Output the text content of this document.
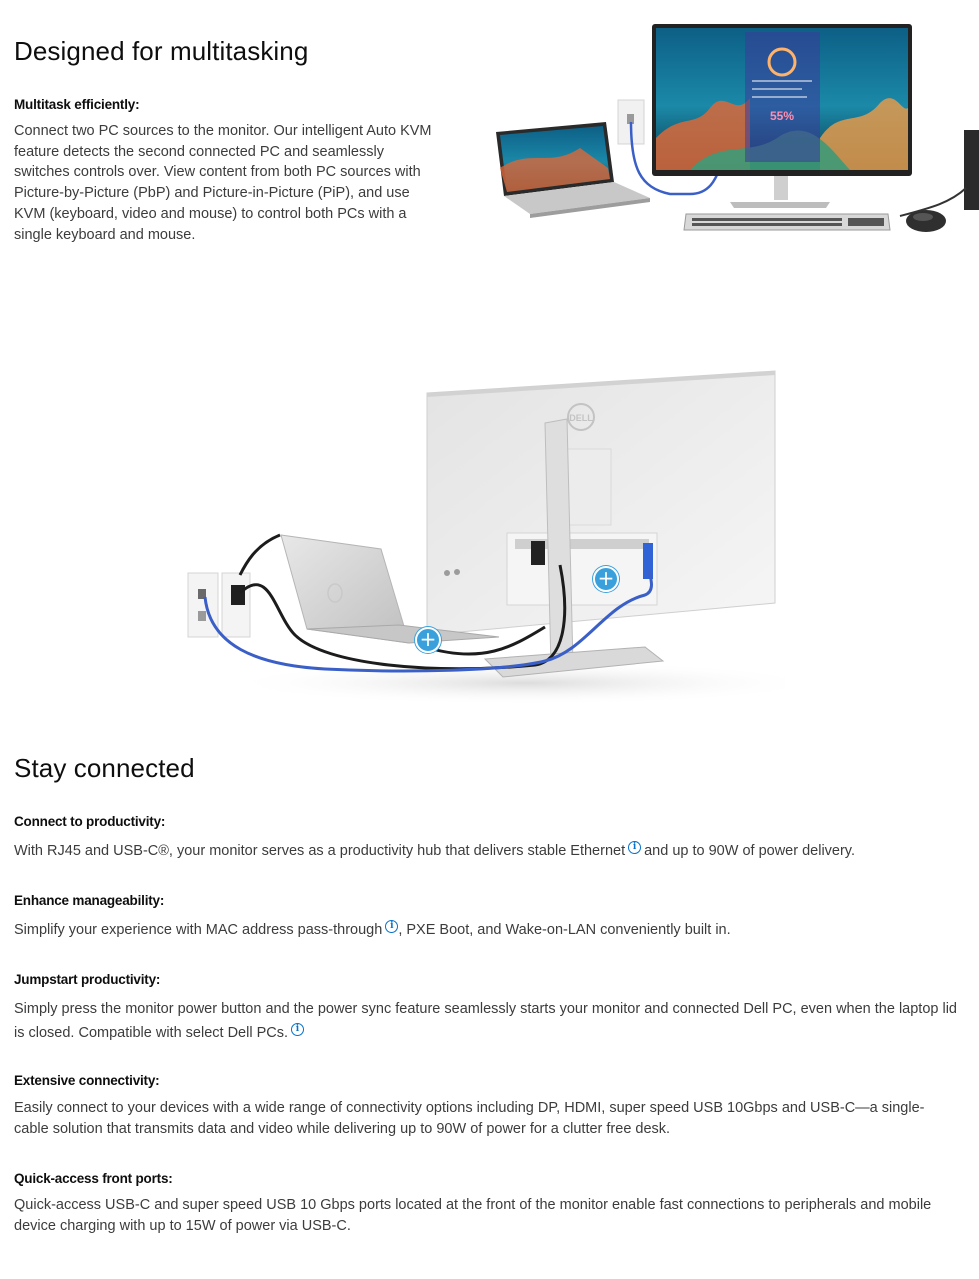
Designed for multitasking
Multitask efficiently:
Connect two PC sources to the monitor. Our intelligent Auto KVM feature detects the second connected PC and seamlessly switches controls over. View content from both PC sources with Picture-by-Picture (PbP) and Picture-in-Picture (PiP), and use KVM (keyboard, video and mouse) to control both PCs with a single keyboard and mouse.
55%
DELL
+
+
Stay connected
Connect to productivity:
With RJ45 and USB-C®, your monitor serves as a productivity hub that delivers stable Ethernet i and up to 90W of power delivery.
Enhance manageability:
Simplify your experience with MAC address pass-through i , PXE Boot, and Wake-on-LAN conveniently built in.
Jumpstart productivity:
Simply press the monitor power button and the power sync feature seamlessly starts your monitor and connected Dell PC, even when the laptop lid is closed. Compatible with select Dell PCs. i
Extensive connectivity:
Easily connect to your devices with a wide range of connectivity options including DP, HDMI, super speed USB 10Gbps and USB-C—a single-cable solution that transmits data and video while delivering up to 90W of power for a clutter free desk.
Quick-access front ports:
Quick-access USB-C and super speed USB 10 Gbps ports located at the front of the monitor enable fast connections to peripherals and mobile device charging with up to 15W of power via USB-C.
